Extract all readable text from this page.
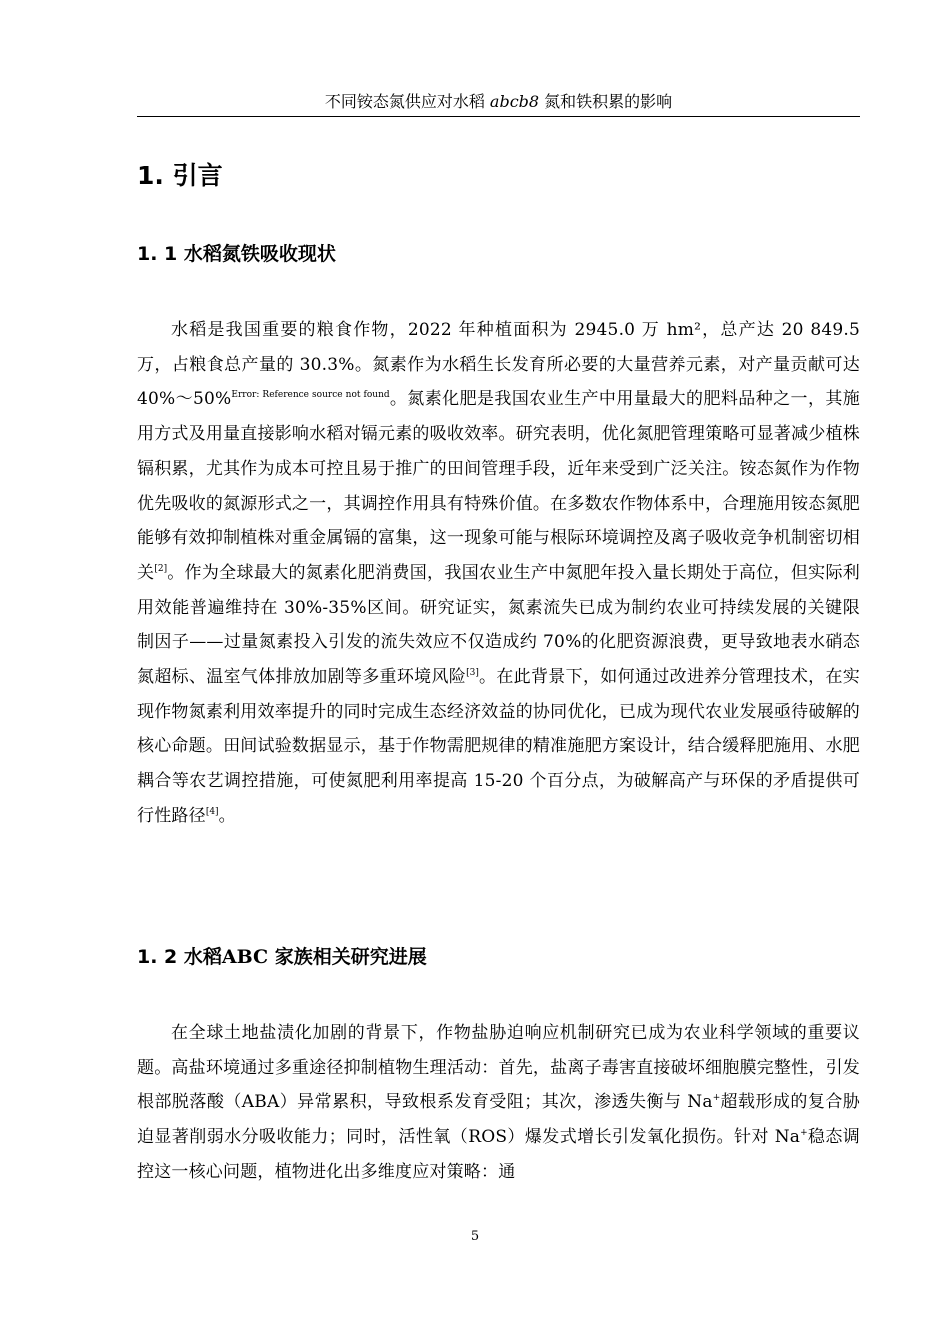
不同铵态氮供应对水稻 abcb8 氮和铁积累的影响
1. 引言
1. 1 水稻氮铁吸收现状

水稻是我国重要的粮食作物，2022 年种植面积为 2945.0 万 hm²，总产达 20 849.5 万，占粮食总产量的 30.3%。氮素作为水稻生长发育所必要的大量营养元素，对产量贡献可达 40%～50%$^{Error: Reference source not found}$。氮素化肥是我国农业生产中用量最大的肥料品种之一，其施用方式及用量直接影响水稻对镉元素的吸收效率。研究表明，优化氮肥管理策略可显著减少植株镉积累，尤其作为成本可控且易于推广的田间管理手段，近年来受到广泛关注。铵态氮作为作物优先吸收的氮源形式之一，其调控作用具有特殊价值。在多数农作物体系中，合理施用铵态氮肥能够有效抑制植株对重金属镉的富集，这一现象可能与根际环境调控及离子吸收竞争机制密切相关[2]。作为全球最大的氮素化肥消费国，我国农业生产中氮肥年投入量长期处于高位，但实际利用效能普遍维持在 30%-35%区间。研究证实，氮素流失已成为制约农业可持续发展的关键限制因子——过量氮素投入引发的流失效应不仅造成约 70%的化肥资源浪费，更导致地表水硝态氮超标、温室气体排放加剧等多重环境风险[3]。在此背景下，如何通过改进养分管理技术，在实现作物氮素利用效率提升的同时完成生态经济效益的协同优化，已成为现代农业发展亟待破解的核心命题。田间试验数据显示，基于作物需肥规律的精准施肥方案设计，结合缓释肥施用、水肥耦合等农艺调控措施，可使氮肥利用率提高 15-20 个百分点，为破解高产与环保的矛盾提供可行性路径[4]。

1. 2 水稻ABC 家族相关研究进展

在全球土地盐渍化加剧的背景下，作物盐胁迫响应机制研究已成为农业科学领域的重要议题。高盐环境通过多重途径抑制植物生理活动：首先，盐离子毒害直接破坏细胞膜完整性，引发根部脱落酸（ABA）异常累积，导致根系发育受阻；其次，渗透失衡与 Na+超载形成的复合胁迫显著削弱水分吸收能力；同时，活性氧（ROS）爆发式增长引发氧化损伤。针对 Na+稳态调控这一核心问题，植物进化出多维度应对策略：通

5
